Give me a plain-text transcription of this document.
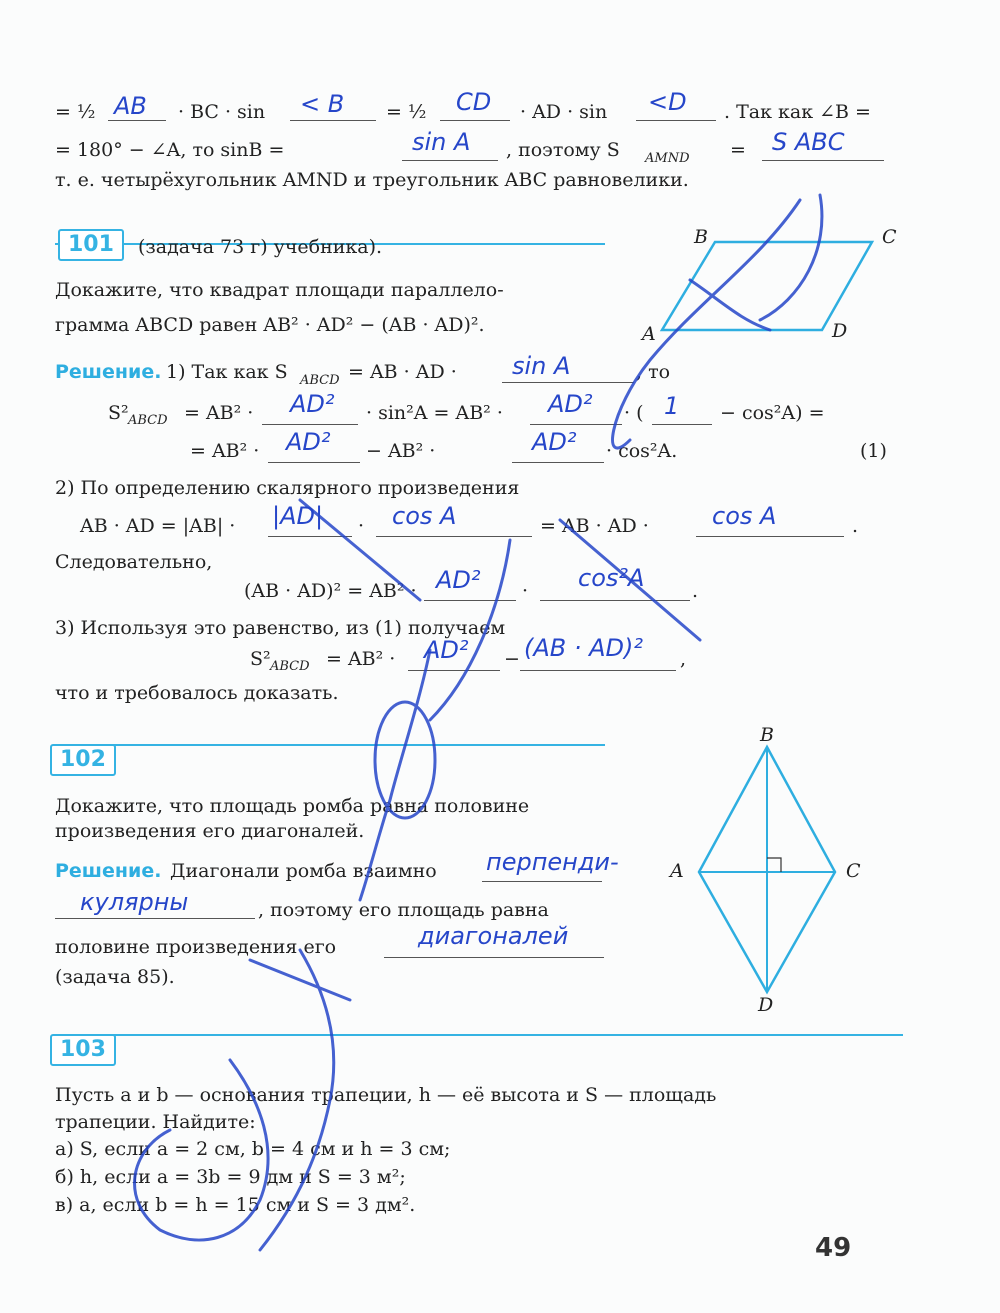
= ½ AB · BC · sin < B = ½ CD · AD · sin <D . Так как ∠B =
= 180° − ∠A, то sinB =	sin A , поэтому S AMND = S ABC
т. е. четырёхугольник AMND и треугольник ABC равновелики.
101	(задача 73 г) учебника).
Докажите, что квадрат площади параллело-
грамма ABCD равен AB² · AD² − (AB · AD)².
B	C
A	D
Решение. 1) Так как S ABCD = AB · AD · sin A	, то
S² ABCD = AB² · AD² · sin²A = AB² · AD² · ( 1 − cos²A) =
= AB² · AD² − AB² ·	AD² · cos²A.	(1)
2) По определению скалярного произведения
AB · AD = |AB| · |AD| · cos A	= AB · AD ·	cos A	.
Следовательно,
(AB · AD)² = AB² · AD² · cos²A	.
3) Используя это равенство, из (1) получаем
S² ABCD = AB² · AD² − (AB · AD)² ,
что и требовалось доказать.
102
Докажите, что площадь ромба равна половине
произведения его диагоналей.
B
A	C
D
Решение. Диагонали ромба взаимно перпенди-
кулярны	, поэтому его площадь равна
половине произведения его	диагоналей
(задача 85).
103
Пусть a и b — основания трапеции, h — её высота и S — площадь
трапеции. Найдите:
а) S, если a = 2 см, b = 4 см и h = 3 см;
б) h, если a = 3b = 9 дм и S = 3 м²;
в) a, если b = h = 15 см и S = 3 дм².
49
